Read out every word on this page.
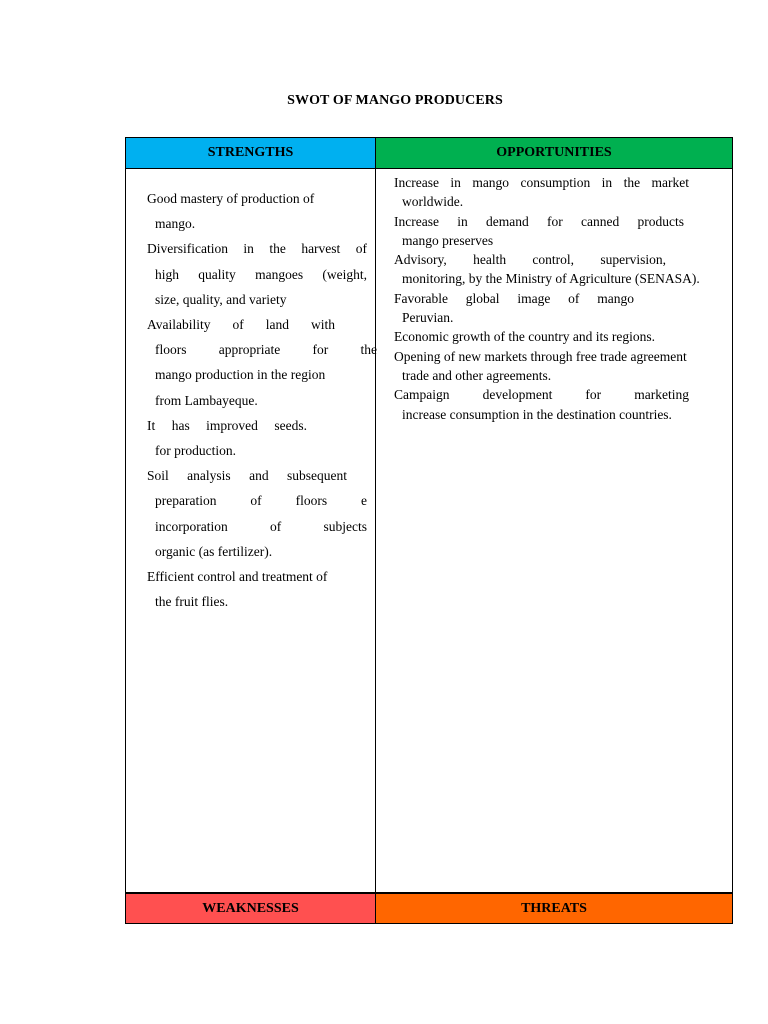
SWOT OF MANGO PRODUCERS
STRENGTHS	OPPORTUNITIES
Good mastery of production of
mango.
Diversification in the harvest of
high quality mangoes (weight,
size, quality, and variety
Availability of land with
floors appropriate for the
mango production in the region
from Lambayeque.
It has improved seeds.
for production.
Soil analysis and subsequent
preparation of floors e
incorporation of subjects
organic (as fertilizer).
Efficient control and treatment of
the fruit flies.
Increase in mango consumption in the market
worldwide.
Increase in demand for canned products
mango preserves
Advisory, health control, supervision,
monitoring, by the Ministry of Agriculture (SENASA).
Favorable global image of mango
Peruvian.
Economic growth of the country and its regions.
Opening of new markets through free trade agreement
trade and other agreements.
Campaign development for marketing
increase consumption in the destination countries.
WEAKNESSES	THREATS
